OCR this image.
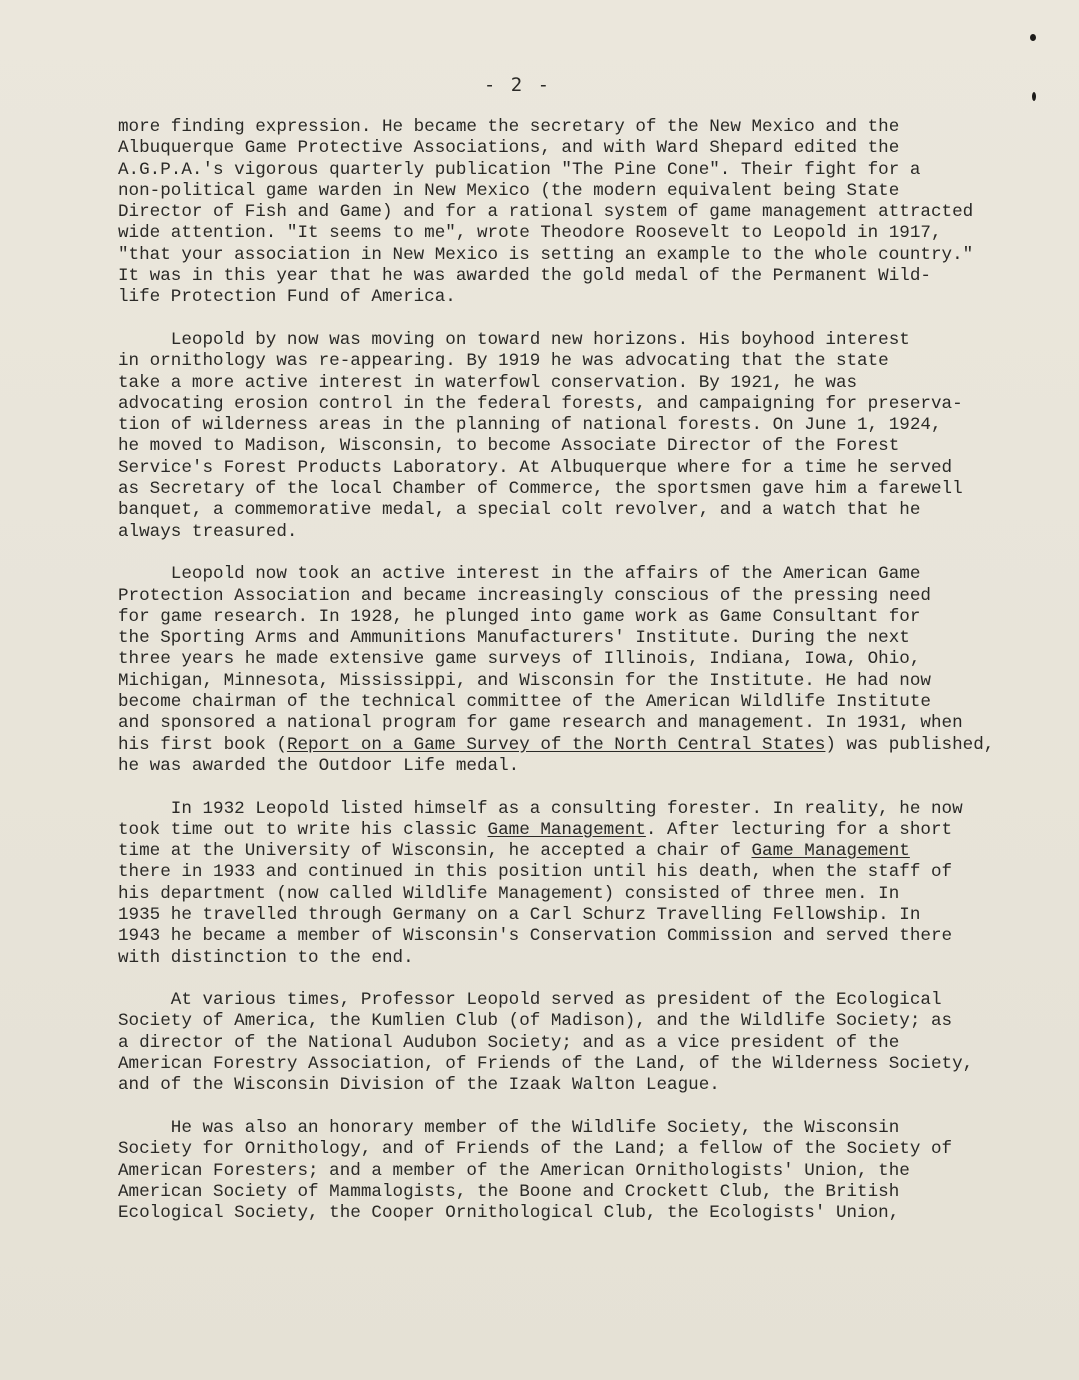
- 2 -
more finding expression. He became the secretary of the New Mexico and the
Albuquerque Game Protective Associations, and with Ward Shepard edited the
A.G.P.A.'s vigorous quarterly publication "The Pine Cone". Their fight for a
non-political game warden in New Mexico (the modern equivalent being State
Director of Fish and Game) and for a rational system of game management attracted
wide attention. "It seems to me", wrote Theodore Roosevelt to Leopold in 1917,
"that your association in New Mexico is setting an example to the whole country."
It was in this year that he was awarded the gold medal of the Permanent Wild-
life Protection Fund of America.
Leopold by now was moving on toward new horizons. His boyhood interest
in ornithology was re-appearing. By 1919 he was advocating that the state
take a more active interest in waterfowl conservation. By 1921, he was
advocating erosion control in the federal forests, and campaigning for preserva-
tion of wilderness areas in the planning of national forests. On June 1, 1924,
he moved to Madison, Wisconsin, to become Associate Director of the Forest
Service's Forest Products Laboratory. At Albuquerque where for a time he served
as Secretary of the local Chamber of Commerce, the sportsmen gave him a farewell
banquet, a commemorative medal, a special colt revolver, and a watch that he
always treasured.
Leopold now took an active interest in the affairs of the American Game
Protection Association and became increasingly conscious of the pressing need
for game research. In 1928, he plunged into game work as Game Consultant for
the Sporting Arms and Ammunitions Manufacturers' Institute. During the next
three years he made extensive game surveys of Illinois, Indiana, Iowa, Ohio,
Michigan, Minnesota, Mississippi, and Wisconsin for the Institute. He had now
become chairman of the technical committee of the American Wildlife Institute
and sponsored a national program for game research and management. In 1931, when
his first book (Report on a Game Survey of the North Central States) was published,
he was awarded the Outdoor Life medal.
In 1932 Leopold listed himself as a consulting forester. In reality, he now
took time out to write his classic Game Management. After lecturing for a short
time at the University of Wisconsin, he accepted a chair of Game Management
there in 1933 and continued in this position until his death, when the staff of
his department (now called Wildlife Management) consisted of three men. In
1935 he travelled through Germany on a Carl Schurz Travelling Fellowship. In
1943 he became a member of Wisconsin's Conservation Commission and served there
with distinction to the end.
At various times, Professor Leopold served as president of the Ecological
Society of America, the Kumlien Club (of Madison), and the Wildlife Society; as
a director of the National Audubon Society; and as a vice president of the
American Forestry Association, of Friends of the Land, of the Wilderness Society,
and of the Wisconsin Division of the Izaak Walton League.
He was also an honorary member of the Wildlife Society, the Wisconsin
Society for Ornithology, and of Friends of the Land; a fellow of the Society of
American Foresters; and a member of the American Ornithologists' Union, the
American Society of Mammalogists, the Boone and Crockett Club, the British
Ecological Society, the Cooper Ornithological Club, the Ecologists' Union,
